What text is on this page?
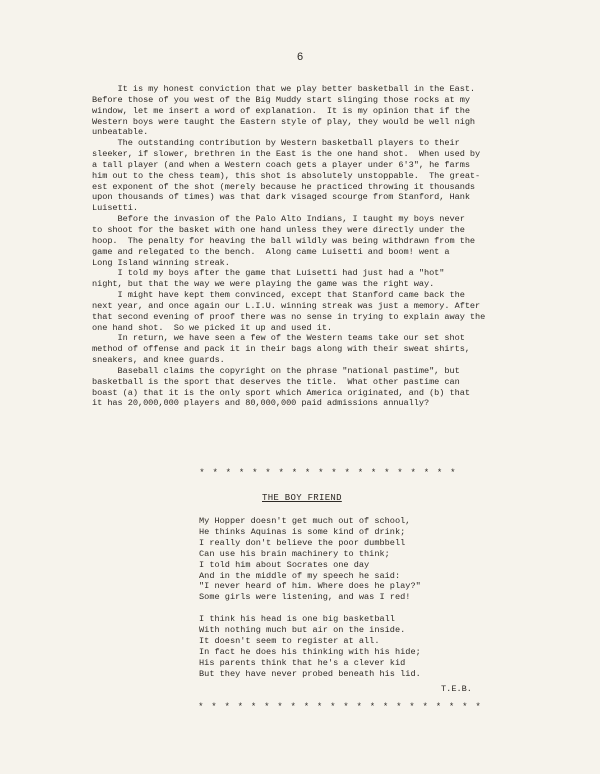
6
It is my honest conviction that we play better basketball in the East.
Before those of you west of the Big Muddy start slinging those rocks at my
window, let me insert a word of explanation.  It is my opinion that if the
Western boys were taught the Eastern style of play, they would be well nigh
unbeatable.
The outstanding contribution by Western basketball players to their
sleeker, if slower, brethren in the East is the one hand shot.  When used by
a tall player (and when a Western coach gets a player under 6'3", he farms
him out to the chess team), this shot is absolutely unstoppable.  The great-
est exponent of the shot (merely because he practiced throwing it thousands
upon thousands of times) was that dark visaged scourge from Stanford, Hank
Luisetti.
Before the invasion of the Palo Alto Indians, I taught my boys never
to shoot for the basket with one hand unless they were directly under the
hoop.  The penalty for heaving the ball wildly was being withdrawn from the
game and relegated to the bench.  Along came Luisetti and boom! went a
Long Island winning streak.
I told my boys after the game that Luisetti had just had a "hot"
night, but that the way we were playing the game was the right way.
I might have kept them convinced, except that Stanford came back the
next year, and once again our L.I.U. winning streak was just a memory. After
that second evening of proof there was no sense in trying to explain away the
one hand shot.  So we picked it up and used it.
In return, we have seen a few of the Western teams take our set shot
method of offense and pack it in their bags along with their sweat shirts,
sneakers, and knee guards.
Baseball claims the copyright on the phrase "national pastime", but
basketball is the sport that deserves the title.  What other pastime can
boast (a) that it is the only sport which America originated, and (b) that
it has 20,000,000 players and 80,000,000 paid admissions annually?
* * * * * * * * * * * * * * * * * * * *
THE BOY FRIEND
My Hopper doesn't get much out of school,
He thinks Aquinas is some kind of drink;
I really don't believe the poor dumbbell
Can use his brain machinery to think;
I told him about Socrates one day
And in the middle of my speech he said:
"I never heard of him. Where does he play?"
Some girls were listening, and was I red!
I think his head is one big basketball
With nothing much but air on the inside.
It doesn't seem to register at all.
In fact he does his thinking with his hide;
His parents think that he's a clever kid
But they have never probed beneath his lid.
T.E.B.
* * * * * * * * * * * * * * * * * * * * * *
